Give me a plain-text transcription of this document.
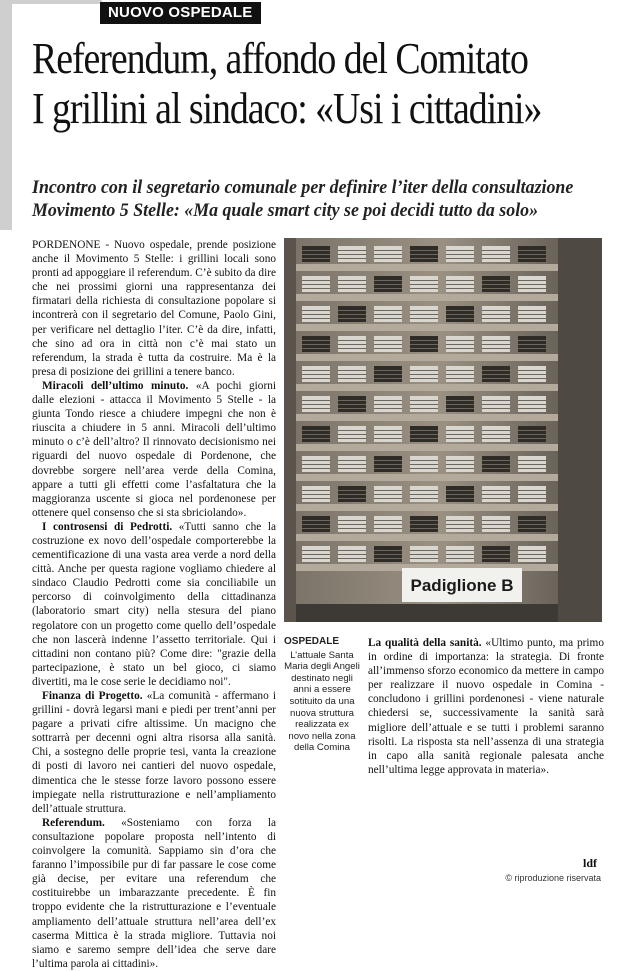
NUOVO OSPEDALE
Referendum, affondo del Comitato
I grillini al sindaco: «Usi i cittadini»
Incontro con il segretario comunale per definire l’iter della consultazione
Movimento 5 Stelle: «Ma quale smart city se poi decidi tutto da solo»

PORDENONE - Nuovo ospedale, prende posizione anche il Movimento 5 Stelle: i grillini locali sono pronti ad appoggiare il referendum. C’è subito da dire che nei prossimi giorni una rappresentanza dei firmatari della richiesta di consultazione popolare si incontrerà con il segretario del Comune, Paolo Gini, per verificare nel dettaglio l’iter. C’è da dire, infatti, che sino ad ora in città non c’è mai stato un referendum, la strada è tutta da costruire. Ma è la presa di posizione dei grillini a tenere banco.

Miracoli dell’ultimo minuto. «A pochi giorni dalle elezioni - attacca il Movimento 5 Stelle - la giunta Tondo riesce a chiudere impegni che non è riuscita a chiudere in 5 anni. Miracoli dell’ultimo minuto o c’è dell’altro? Il rinnovato decisionismo nei riguardi del nuovo ospedale di Pordenone, che dovrebbe sorgere nell’area verde della Comina, appare a tutti gli effetti come l’asfaltatura che la maggioranza uscente si gioca nel pordenonese per ottenere quel consenso che si sta sbriciolando».

I controsensi di Pedrotti. «Tutti sanno che la costruzione ex novo dell’ospedale comporterebbe la cementificazione di una vasta area verde a nord della città. Anche per questa ragione vogliamo chiedere al sindaco Claudio Pedrotti come sia conciliabile un percorso di coinvolgimento della cittadinanza (laboratorio smart city) nella stesura del piano regolatore con un progetto come quello dell’ospedale che non lascerà indenne l’assetto territoriale. Qui i cittadini non contano più? Come dire: "grazie della partecipazione, è stato un bel gioco, ci siamo divertiti, ma le cose serie le decidiamo noi".

Finanza di Progetto. «La comunità - affermano i grillini - dovrà legarsi mani e piedi per trent’anni per pagare a privati cifre altissime. Un macigno che sottrarrà per decenni ogni altra risorsa alla sanità. Chi, a sostegno delle proprie tesi, vanta la creazione di posti di lavoro nei cantieri del nuovo ospedale, dimentica che le stesse forze lavoro possono essere impiegate nella ristrutturazione e nell’ampliamento dell’attuale struttura.

Referendum. «Sosteniamo con forza la consultazione popolare proposta nell’intento di coinvolgere la comunità. Sappiamo sin d’ora che faranno l’impossibile pur di far passare le cose come già decise, per evitare una referendum che costituirebbe un imbarazzante precedente. È fin troppo evidente che la ristrutturazione e l’eventuale ampliamento dell’attuale struttura nell’area dell’ex caserma Mittica è la strada migliore. Tuttavia noi siamo e saremo sempre dell’idea che serve dare l’ultima parola ai cittadini».

Padiglione B
OSPEDALE
L’attuale Santa Maria degli Angeli destinato negli anni a essere sotituito da una nuova struttura realizzata ex novo nella zona della Comina

La qualità della sanità. «Ultimo punto, ma primo in ordine di importanza: la strategia. Di fronte all’immenso sforzo economico da mettere in campo per realizzare il nuovo ospedale in Comina - concludono i grillini pordenonesi - viene naturale chiedersi se, successivamente la sanità sarà migliore dell’attuale e se tutti i problemi saranno risolti. La risposta sta nell’assenza di una strategia in capo alla sanità regionale palesata anche nell’ultima legge approvata in materia».

ldf
© riproduzione riservata
